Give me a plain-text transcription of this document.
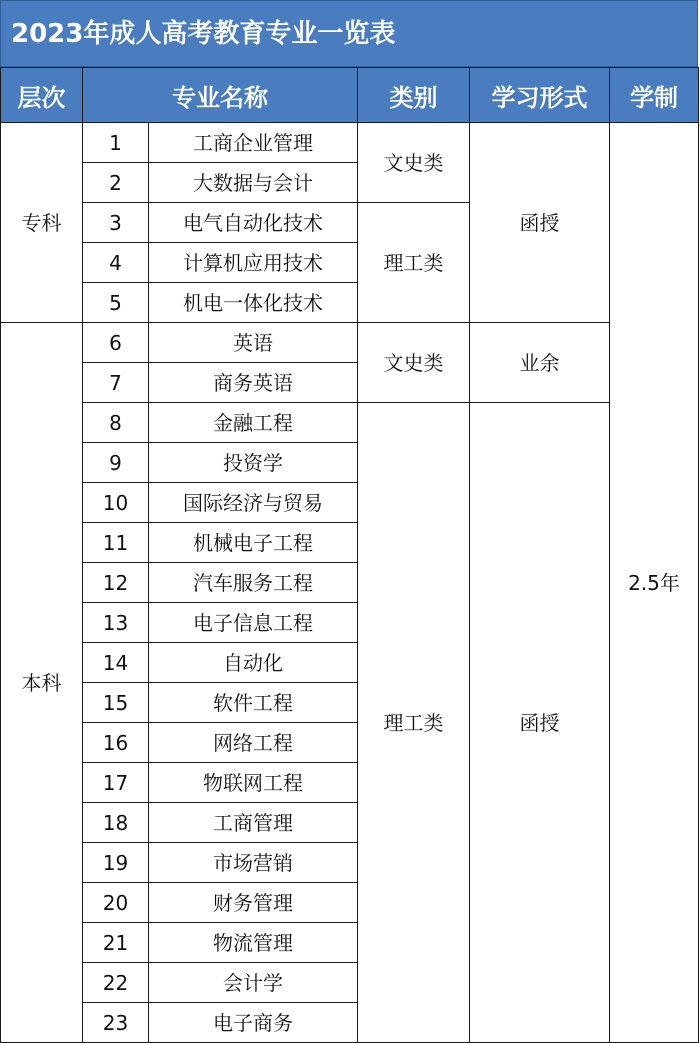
2023年成人高考教育专业一览表
层次	专业名称		类别	学习形式	学制
专科	1	工商企业管理	文史类	函授	2.5年
	2	大数据与会计			
	3	电气自动化技术	理工类		
	4	计算机应用技术			
	5	机电一体化技术			
本科	6	英语	文史类	业余	
	7	商务英语			
	8	金融工程	理工类	函授	
	9	投资学			
	10	国际经济与贸易			
	11	机械电子工程			
	12	汽车服务工程			
	13	电子信息工程			
	14	自动化			
	15	软件工程			
	16	网络工程			
	17	物联网工程			
	18	工商管理			
	19	市场营销			
	20	财务管理			
	21	物流管理			
	22	会计学			
	23	电子商务			
